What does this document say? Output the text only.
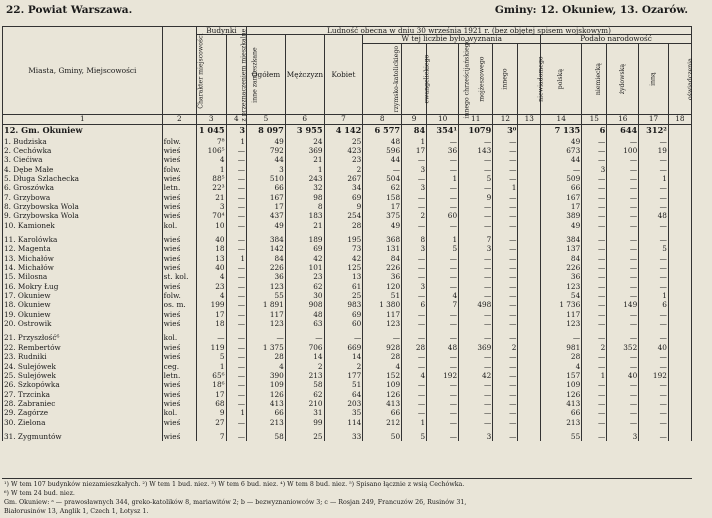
22. Powiat Warszawa.	Gminy: 12. Okuniew, 13. Ozarów.
Miasta, Gminy, Miejscowości	Charakter miejscowości	Budynki		Ludność obecna w dniu 30 września 1921 r. (bez objętej spisem wojskowym)													
		z przeznaczeniem mieszkalne	inne zamieszkane	Ogółem	Mężczyzn	Kobiet	W tej liczbie było wyznania						Podało narodowość				
							rzymsko-katolickiego	ewangelickiego	innego chrześcijańskiego	mojżeszowego	innego	niewiadomego	polską	niemiecką	żydowską	inną	oświadczenia
1	2	3	4	5	6	7	8	9	10	11	12	13	14	15	16	17	18
12. Gm. Okuniew		1 045	3	8 097	3 955	4 142	6 577	84	354¹	1079	3⁰		7 135	6	644	312²	
1. Budziska	folw.	7⁸	1	49	24	25	48	1	—	—	—		49	—	—	—	
2. Cechówka	wieś	106⁵	—	792	369	423	596	17	36	143	—		673	—	100	19	
3. Ciećiwa	wieś	4	—	44	21	23	44	—	—	—	—		44	—	—	—	
4. Dębe Małe	folw.	1	—	3	1	2	—	3	—	—	—		—	3	—	—	
5. Długa Szlachecka	wieś	88⁵	—	510	243	267	504	—	1	5	—		509	—	—	1	
6. Groszówka	letn.	22³	—	66	32	34	62	3	—	—	1		66	—	—	—	
7. Grzybowa	wieś	21	—	167	98	69	158	—	—	9	—		167	—	—	—	
8. Grzybowska Wola	wieś	3	—	17	8	9	17	—	—	—	—		17	—	—	—	
9. Grzybowska Wola	wieś	70⁴	—	437	183	254	375	2	60	—	—		389	—	—	48	
10. Kamionek	kol.	10	—	49	21	28	49	—	—	—	—		49	—	—	—	

11. Karolówka	wieś	40	—	384	189	195	368	8	1	7	—		384	—	—	—	
12. Magenta	wieś	18	—	142	69	73	131	3	5	3	—		137	—	—	5	
13. Michałów	wieś	13	1	84	42	42	84	—	—	—	—		84	—	—	—	
14. Michałów	wieś	40	—	226	101	125	226	—	—	—	—		226	—	—	—	
15. Milosna	st. kol.	4	—	36	23	13	36	—	—	—	—		36	—	—	—	
16. Mokry Ług	wieś	23	—	123	62	61	120	3	—	—	—		123	—	—	—	
17. Okuniew	folw.	4	—	55	30	25	51	—	4	—	—		54	—	—	1	
18. Okuniew	os. m.	199	—	1 891	908	983	1 380	6	7	498	—		1 736	—	149	6	
19. Okuniew	wieś	17	—	117	48	69	117	—	—	—	—		117	—	—	—	
20. Ostrowik	wieś	18	—	123	63	60	123	—	—	—	—		123	—	—	—	

21. Przyszłość⁶	kol.	—	—	—	—	—	—	—	—	—	—		—	—	—	—	
22. Rembertów	wieś	119	—	1 375	706	669	928	28	48	369	2		981	2	352	40	
23. Rudniki	wieś	5	—	28	14	14	28	—	—	—	—		28	—	—	—	
24. Sulejówek	ceg.	1	—	4	2	2	4	—	—	—	—		4	—	—	—	
25. Sulejówek	letn.	65⁶	—	390	213	177	152	4	192	42	—		157	1	40	192	
26. Szkopówka	wieś	18⁶	—	109	58	51	109	—	—	—	—		109	—	—	—	
27. Trzcinka	wieś	17	—	126	62	64	126	—	—	—	—		126	—	—	—	
28. Zabraniec	wieś	68	—	413	210	203	413	—	—	—	—		413	—	—	—	
29. Zagórze	kol.	9	1	66	31	35	66	—	—	—	—		66	—	—	—	
30. Zielona	wieś	27	—	213	99	114	212	1	—	—	—		213	—	—	—	

31. Zygmuntów	wieś	7	—	58	25	33	50	5	—	3	—		55	—	3	—	
¹) W tem 107 budynków niezamieszkałych. ²) W tem 1 bud. niez. ³) W tem 6 bud. niez. ⁴) W tem 8 bud. niez. ⁵) Spisano łącznie z wsią Cechówka.
⁶) W tem 24 bud. niez.
Gm. Okuniew: ᵃ — prawosławnych 344, greko-katolików 8, mariawitów 2; b — bezwyznaniowców 3; c — Rosjan 249, Francuzów 26, Rusinów 31,
Białorusinów 13, Anglik 1, Czech 1, Łotysz 1.
